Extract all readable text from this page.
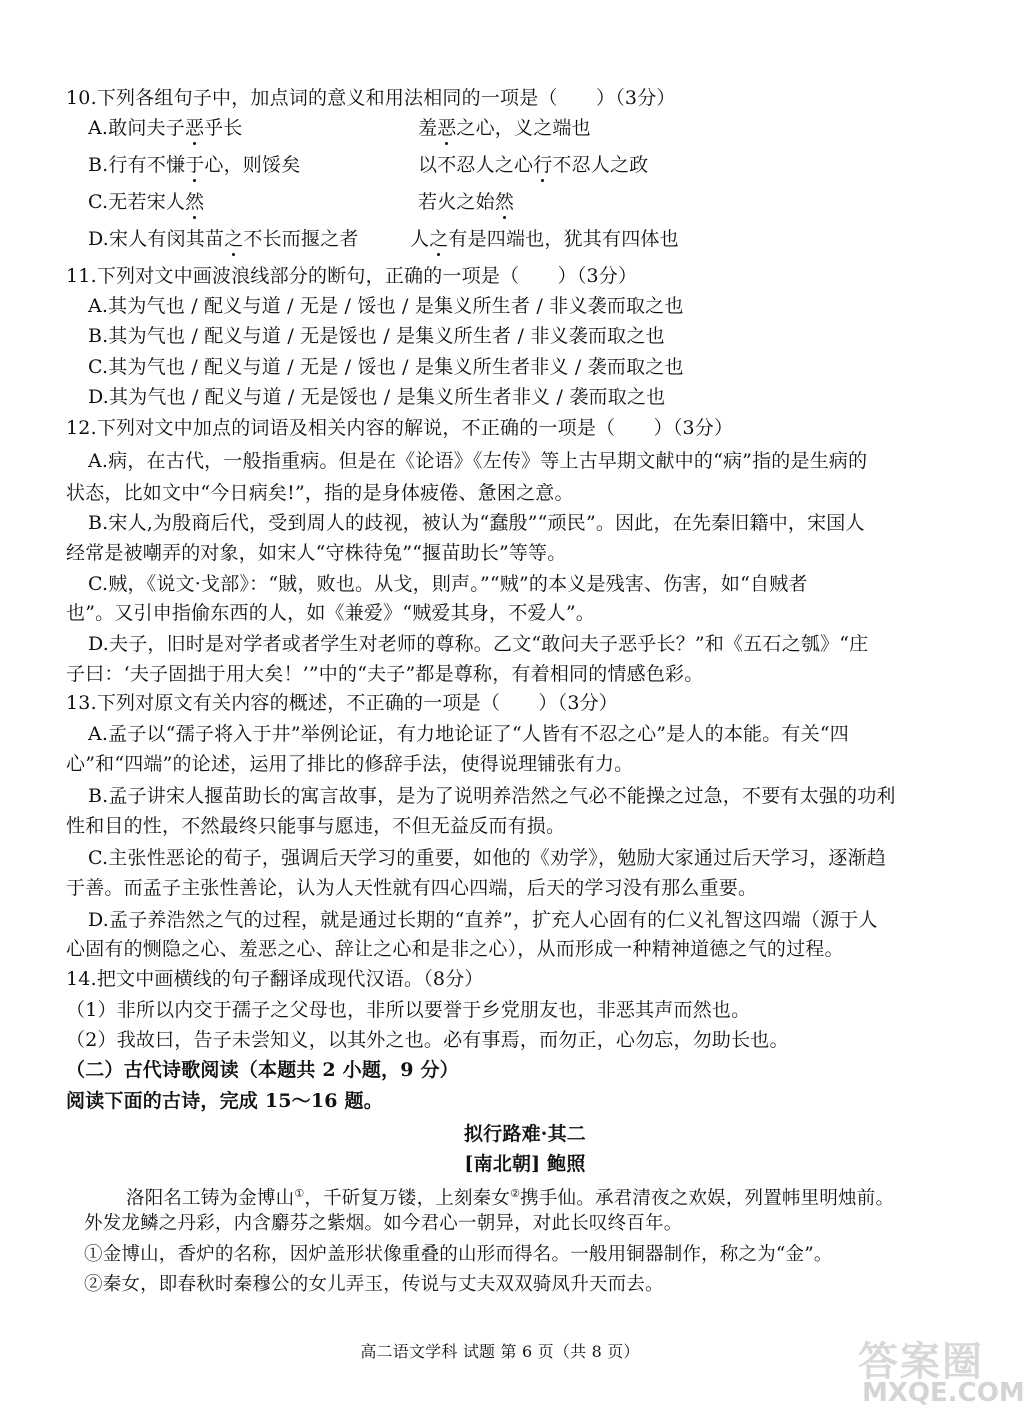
10.下列各组句子中，加点词的意义和用法相同的一项是（　　）（3分）
A.敢问夫子恶乎长	羞恶之心，义之端也
B.行有不慊于心，则馁矣	以不忍人之心行不忍人之政
C.无若宋人然	若火之始然
D.宋人有闵其苗之不长而揠之者	人之有是四端也，犹其有四体也
11.下列对文中画波浪线部分的断句，正确的一项是（　　）（3分）
A.其为气也 / 配义与道 / 无是 / 馁也 / 是集义所生者 / 非义袭而取之也
B.其为气也 / 配义与道 / 无是馁也 / 是集义所生者 / 非义袭而取之也
C.其为气也 / 配义与道 / 无是 / 馁也 / 是集义所生者非义 / 袭而取之也
D.其为气也 / 配义与道 / 无是馁也 / 是集义所生者非义 / 袭而取之也
12.下列对文中加点的词语及相关内容的解说，不正确的一项是（　　）（3分）
A.病，在古代，一般指重病。但是在《论语》《左传》等上古早期文献中的“病”指的是生病的
状态，比如文中“今日病矣!”，指的是身体疲倦、惫困之意。
B.宋人,为殷商后代，受到周人的歧视，被认为“蠢殷”“顽民”。因此，在先秦旧籍中，宋国人
经常是被嘲弄的对象，如宋人“守株待兔”“揠苗助长”等等。
C.贼，《说文·戈部》：“賊，败也。从戈，則声。”“贼”的本义是残害、伤害，如“自贼者
也”。又引申指偷东西的人，如《兼爱》“贼爱其身，不爱人”。
D.夫子，旧时是对学者或者学生对老师的尊称。乙文“敢问夫子恶乎长？”和《五石之瓠》“庄
子曰：‘夫子固拙于用大矣！’”中的“夫子”都是尊称，有着相同的情感色彩。
13.下列对原文有关内容的概述，不正确的一项是（　　）（3分）
A.孟子以“孺子将入于井”举例论证，有力地论证了“人皆有不忍之心”是人的本能。有关“四
心”和“四端”的论述，运用了排比的修辞手法，使得说理铺张有力。
B.孟子讲宋人揠苗助长的寓言故事，是为了说明养浩然之气必不能操之过急，不要有太强的功利
性和目的性，不然最终只能事与愿违，不但无益反而有损。
C.主张性恶论的荀子，强调后天学习的重要，如他的《劝学》，勉励大家通过后天学习，逐渐趋
于善。而孟子主张性善论，认为人天性就有四心四端，后天的学习没有那么重要。
D.孟子养浩然之气的过程，就是通过长期的“直养”，扩充人心固有的仁义礼智这四端（源于人
心固有的恻隐之心、羞恶之心、辞让之心和是非之心），从而形成一种精神道德之气的过程。
14.把文中画横线的句子翻译成现代汉语。（8分）
（1）非所以内交于孺子之父母也，非所以要誉于乡党朋友也，非恶其声而然也。
（2）我故曰，告子未尝知义，以其外之也。必有事焉，而勿正，心勿忘，勿助长也。
（二）古代诗歌阅读（本题共 2 小题，9 分）
阅读下面的古诗，完成 15～16 题。
拟行路难·其二
[南北朝] 鲍照
洛阳名工铸为金博山①，千斫复万镂，上刻秦女②携手仙。承君清夜之欢娱，列置帏里明烛前。
外发龙鳞之丹彩，内含麝芬之紫烟。如今君心一朝异，对此长叹终百年。
①金博山，香炉的名称，因炉盖形状像重叠的山形而得名。一般用铜器制作，称之为“金”。
②秦女，即春秋时秦穆公的女儿弄玉，传说与丈夫双双骑凤升天而去。
高二语文学科 试题 第 6 页（共 8 页）	答案圈
MXQE.COM
